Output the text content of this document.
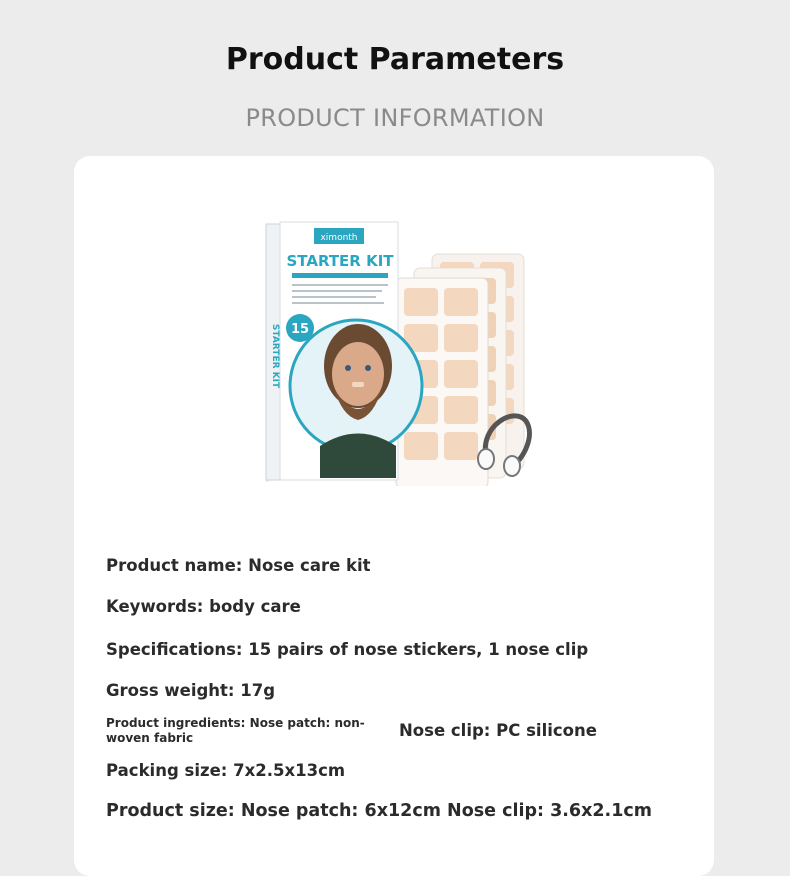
Product Parameters
PRODUCT INFORMATION
STARTER KIT
ximonth
STARTER KIT
15
Product name: Nose care kit
Keywords: body care
Specifications: 15 pairs of nose stickers, 1 nose clip
Gross weight: 17g
Product ingredients: Nose patch: non-
woven fabric	Nose clip: PC silicone
Packing size: 7x2.5x13cm
Product size: Nose patch: 6x12cm Nose clip: 3.6x2.1cm
